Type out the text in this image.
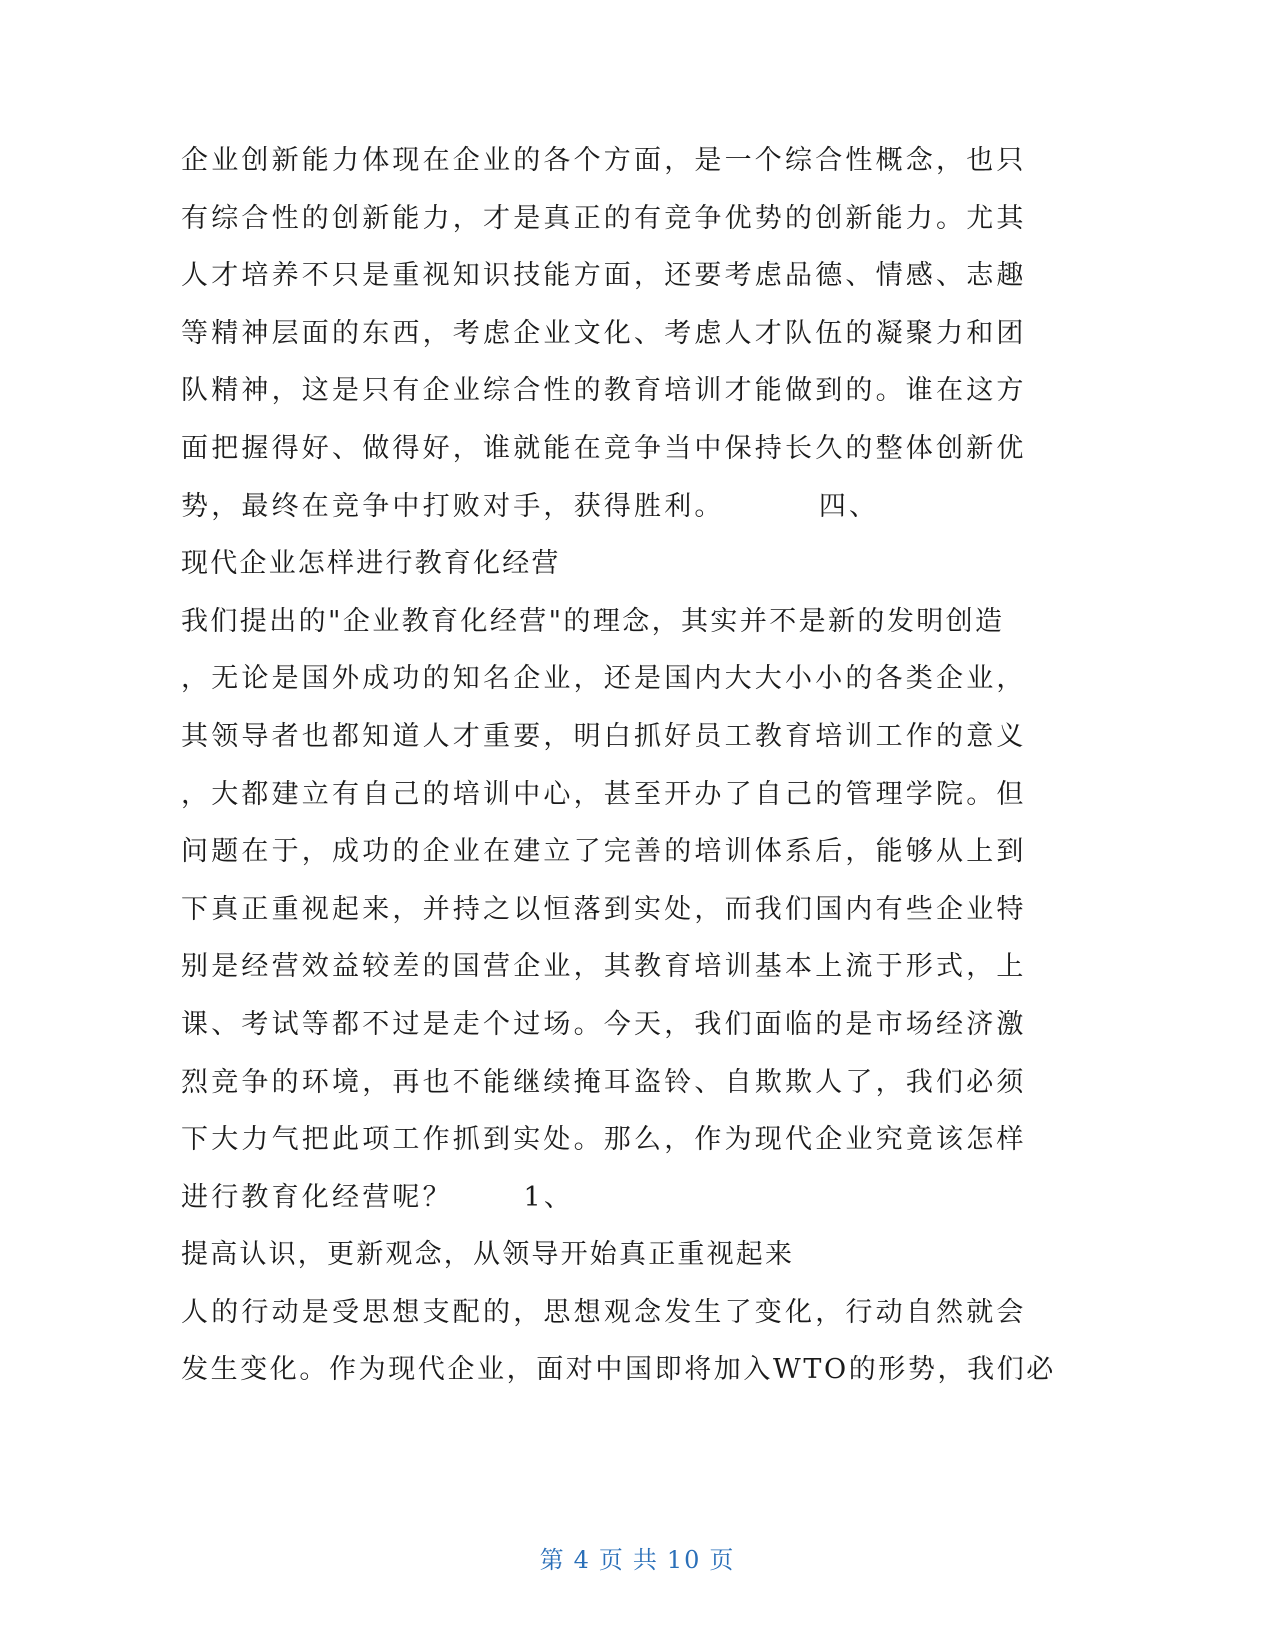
企业创新能力体现在企业的各个方面，是一个综合性概念，也只
有综合性的创新能力，才是真正的有竞争优势的创新能力。尤其
人才培养不只是重视知识技能方面，还要考虑品德、情感、志趣
等精神层面的东西，考虑企业文化、考虑人才队伍的凝聚力和团
队精神，这是只有企业综合性的教育培训才能做到的。谁在这方
面把握得好、做得好，谁就能在竞争当中保持长久的整体创新优
势，最终在竞争中打败对手，获得胜利。        四、
现代企业怎样进行教育化经营
我们提出的"企业教育化经营"的理念，其实并不是新的发明创造
，无论是国外成功的知名企业，还是国内大大小小的各类企业，
其领导者也都知道人才重要，明白抓好员工教育培训工作的意义
，大都建立有自己的培训中心，甚至开办了自己的管理学院。但
问题在于，成功的企业在建立了完善的培训体系后，能够从上到
下真正重视起来，并持之以恒落到实处，而我们国内有些企业特
别是经营效益较差的国营企业，其教育培训基本上流于形式，上
课、考试等都不过是走个过场。今天，我们面临的是市场经济激
烈竞争的环境，再也不能继续掩耳盗铃、自欺欺人了，我们必须
下大力气把此项工作抓到实处。那么，作为现代企业究竟该怎样
进行教育化经营呢？      1、
提高认识，更新观念，从领导开始真正重视起来
人的行动是受思想支配的，思想观念发生了变化，行动自然就会
发生变化。作为现代企业，面对中国即将加入WTO的形势，我们必
第 4 页 共 10 页
